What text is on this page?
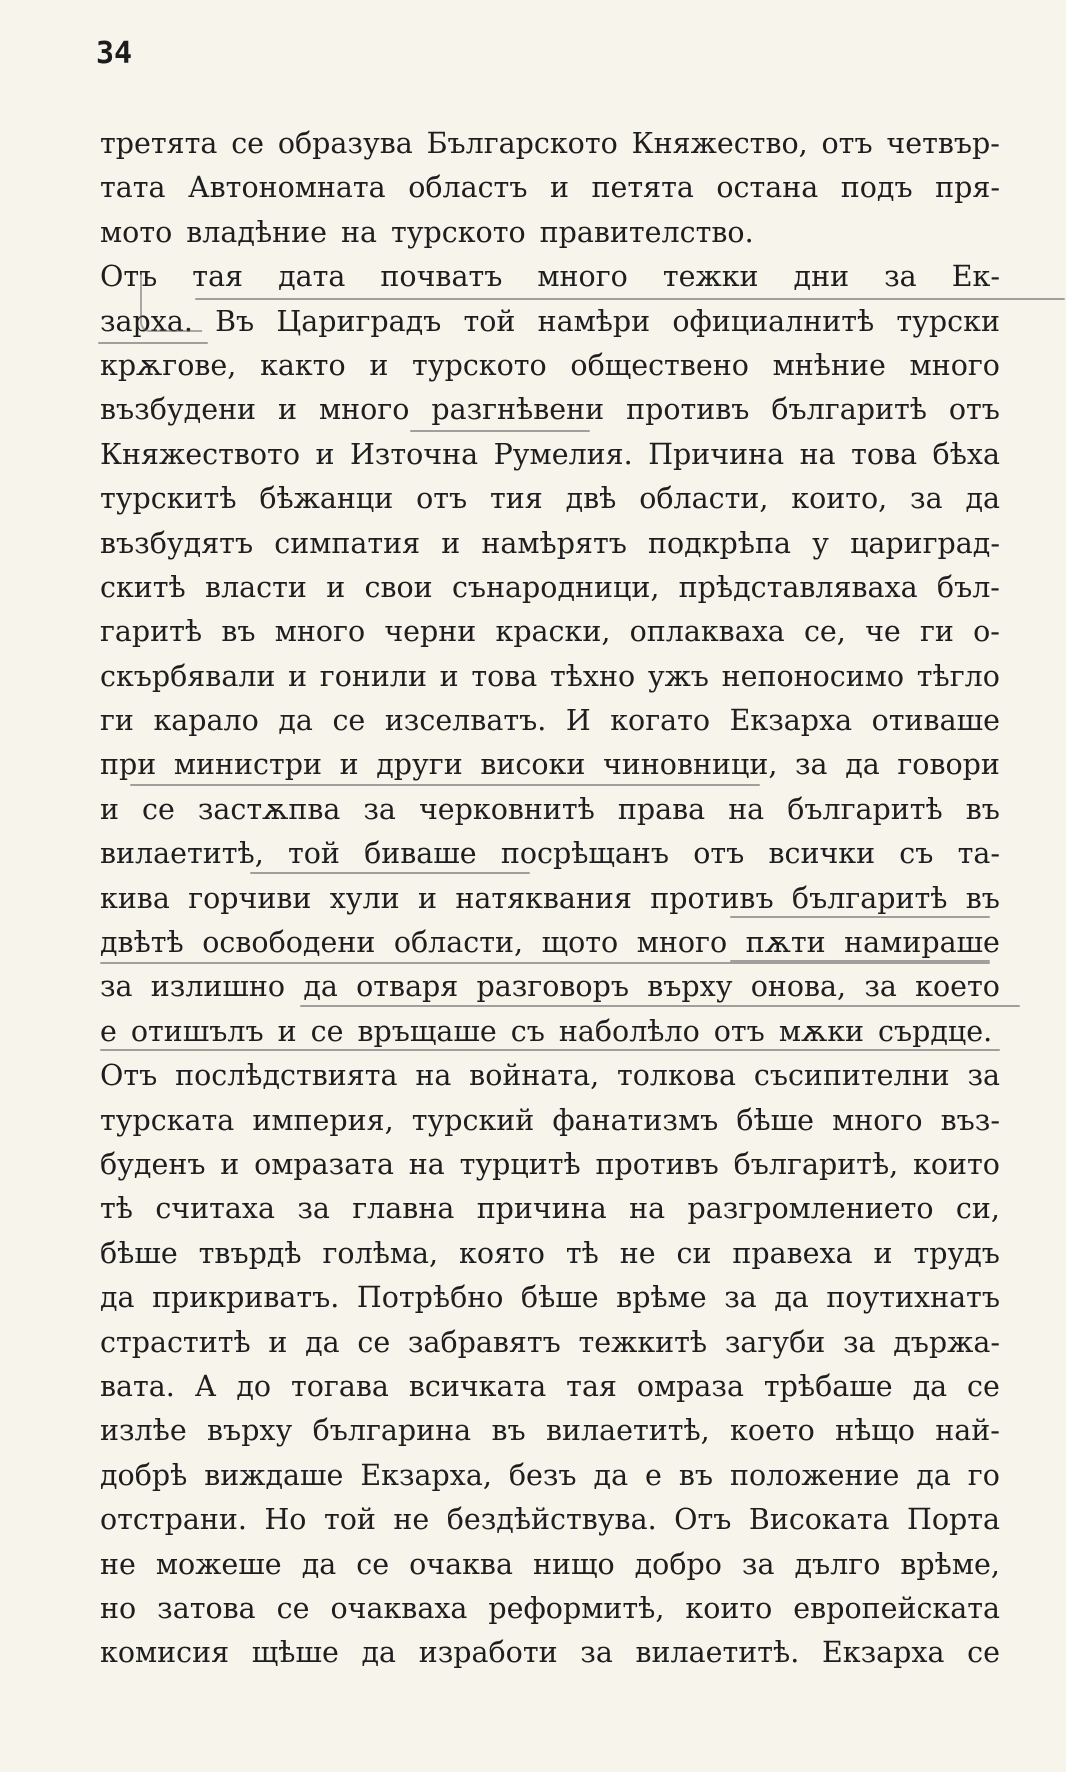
34
третята се образува Българското Княжество, отъ четвър-
тата Автономната областъ и петята остана подъ пря-
мото владѣние на турското правителство.
Отъ тая дата почватъ много тежки дни за Ек-
зарха. Въ Цариградъ той намѣри официалнитѣ турски
крѫгове, както и турското обществено мнѣние много
възбудени и много разгнѣвени противъ българитѣ отъ
Княжеството и Източна Румелия. Причина на това бѣха
турскитѣ бѣжанци отъ тия двѣ области, които, за да
възбудятъ симпатия и намѣрятъ подкрѣпа у цариград-
скитѣ власти и свои сънародници, прѣдставляваха бъл-
гаритѣ въ много черни краски, оплакваха се, че ги о-
скърбявали и гонили и това тѣхно ужъ непоносимо тѣгло
ги карало да се изселватъ. И когато Екзарха отиваше
при министри и други високи чиновници, за да говори
и се застѫпва за черковнитѣ права на българитѣ въ
вилаетитѣ, той биваше посрѣщанъ отъ всички съ та-
кива горчиви хули и натяквания противъ българитѣ въ
двѣтѣ освободени области, щото много пѫти намираше
за излишно да отваря разговоръ върху онова, за което
е отишълъ и се връщаше съ наболѣло отъ мѫки сърдце.
Отъ послѣдствията на войната, толкова съсипителни за
турската империя, турский фанатизмъ бѣше много въз-
буденъ и омразата на турцитѣ противъ българитѣ, които
тѣ считаха за главна причина на разгромлението си,
бѣше твърдѣ голѣма, която тѣ не си правеха и трудъ
да прикриватъ. Потрѣбно бѣше врѣме за да поутихнатъ
страститѣ и да се забравятъ тежкитѣ загуби за държа-
вата. А до тогава всичката тая омраза трѣбаше да се
излѣе върху българина въ вилаетитѣ, което нѣщо най-
добрѣ виждаше Екзарха, безъ да е въ положение да го
отстрани. Но той не бездѣйствува. Отъ Високата Порта
не можеше да се очаква нищо добро за дълго врѣме,
но затова се очакваха реформитѣ, които европейската
комисия щѣше да изработи за вилаетитѣ. Екзарха се
